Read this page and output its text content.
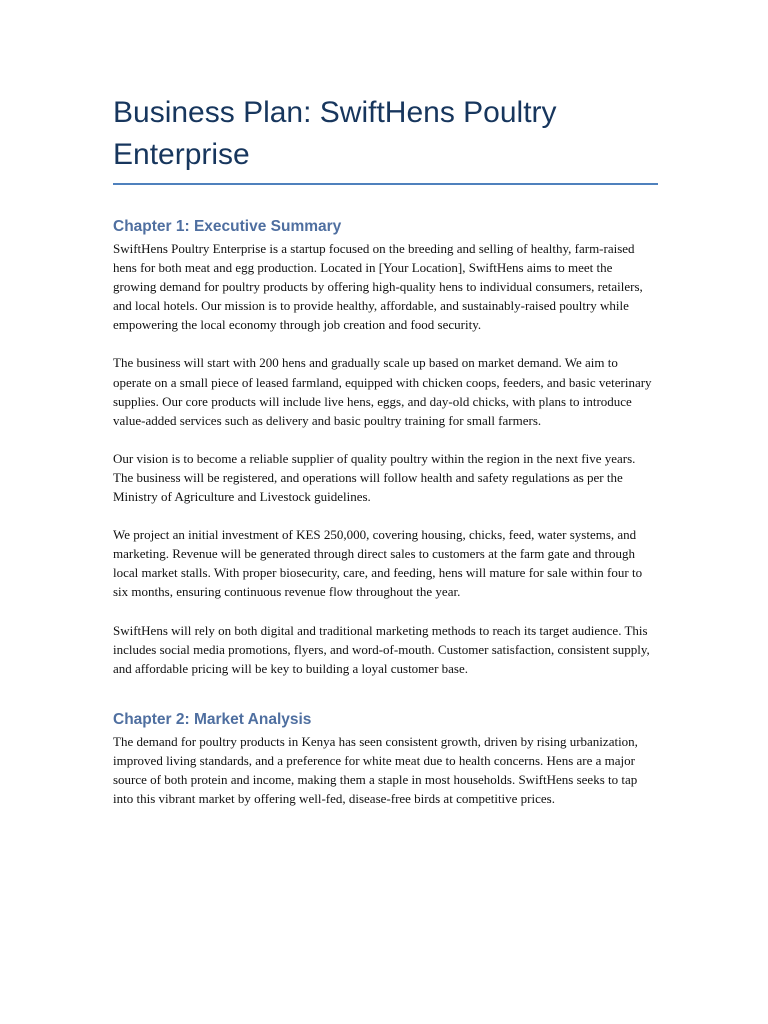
Business Plan: SwiftHens Poultry Enterprise
Chapter 1: Executive Summary

SwiftHens Poultry Enterprise is a startup focused on the breeding and selling of healthy, farm-raised hens for both meat and egg production. Located in [Your Location], SwiftHens aims to meet the growing demand for poultry products by offering high-quality hens to individual consumers, retailers, and local hotels. Our mission is to provide healthy, affordable, and sustainably-raised poultry while empowering the local economy through job creation and food security.

The business will start with 200 hens and gradually scale up based on market demand. We aim to operate on a small piece of leased farmland, equipped with chicken coops, feeders, and basic veterinary supplies. Our core products will include live hens, eggs, and day-old chicks, with plans to introduce value-added services such as delivery and basic poultry training for small farmers.

Our vision is to become a reliable supplier of quality poultry within the region in the next five years. The business will be registered, and operations will follow health and safety regulations as per the Ministry of Agriculture and Livestock guidelines.

We project an initial investment of KES 250,000, covering housing, chicks, feed, water systems, and marketing. Revenue will be generated through direct sales to customers at the farm gate and through local market stalls. With proper biosecurity, care, and feeding, hens will mature for sale within four to six months, ensuring continuous revenue flow throughout the year.

SwiftHens will rely on both digital and traditional marketing methods to reach its target audience. This includes social media promotions, flyers, and word-of-mouth. Customer satisfaction, consistent supply, and affordable pricing will be key to building a loyal customer base.

Chapter 2: Market Analysis

The demand for poultry products in Kenya has seen consistent growth, driven by rising urbanization, improved living standards, and a preference for white meat due to health concerns. Hens are a major source of both protein and income, making them a staple in most households. SwiftHens seeks to tap into this vibrant market by offering well-fed, disease-free birds at competitive prices.
